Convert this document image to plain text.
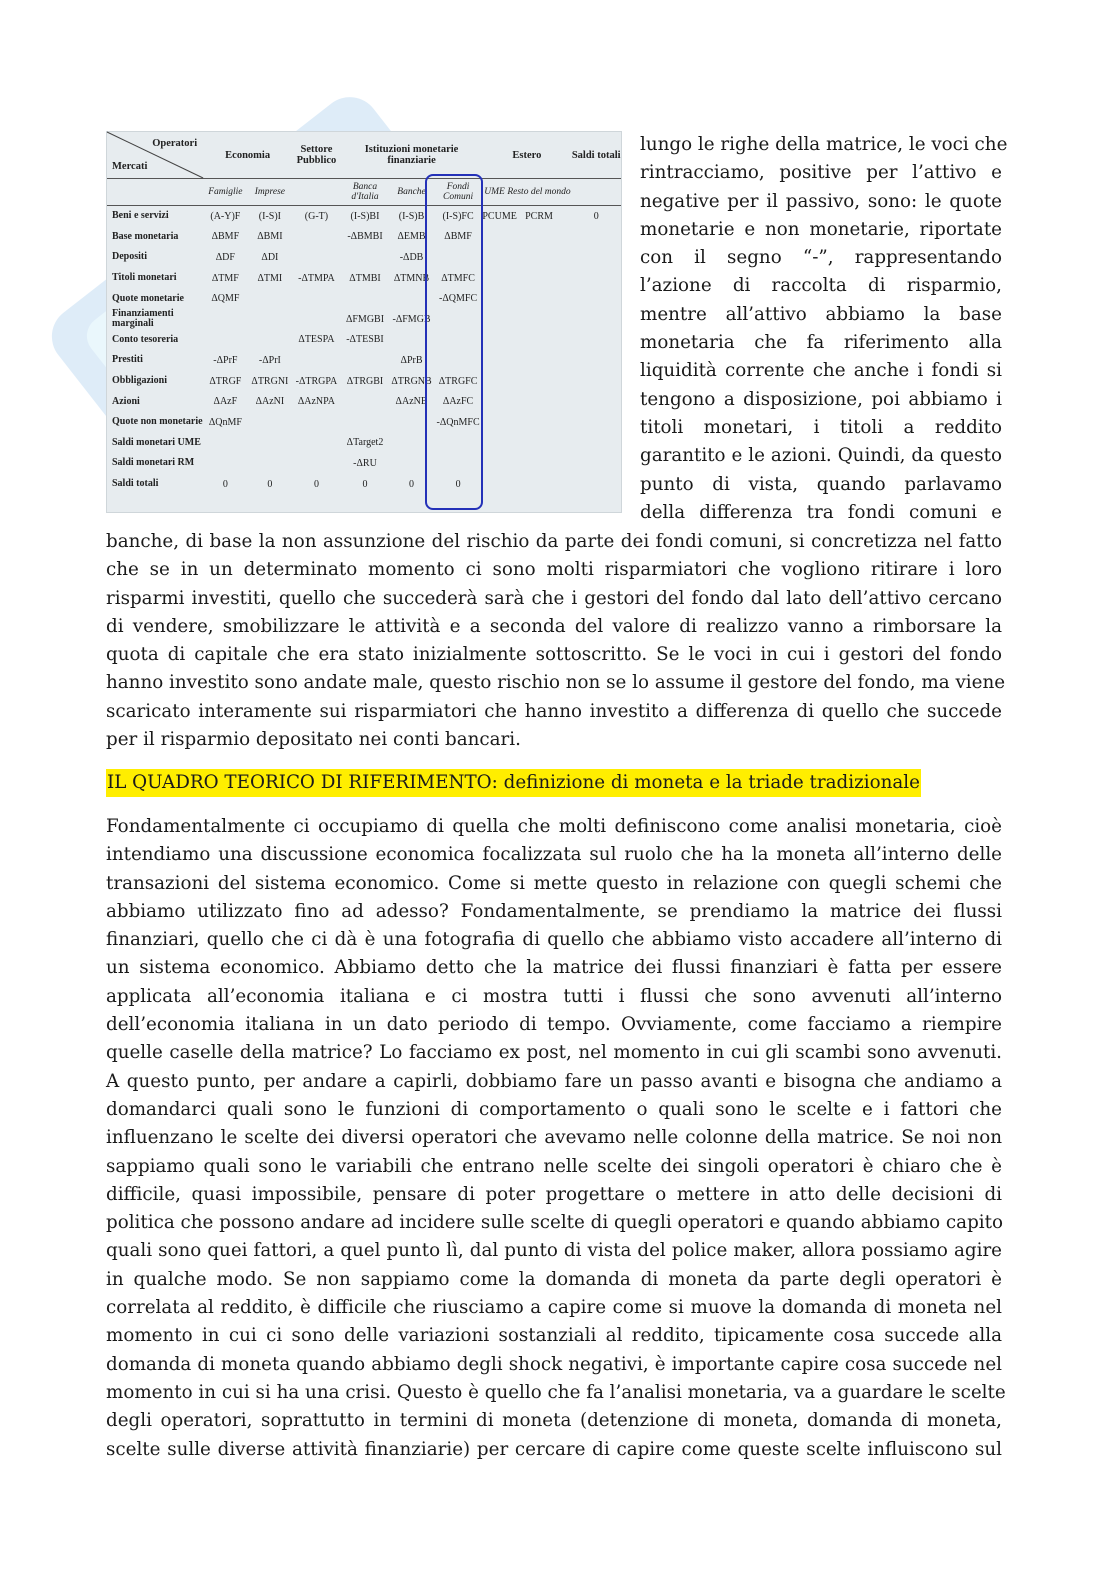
Operatori
Mercati	Economia		Settore Pubblico	Istituzioni monetarie finanziarie			Estero		Saldi totali
	Famiglie	Imprese		Banca d'Italia	Banche	Fondi Comuni	UME	Resto del mondo	
Beni e servizi	(A-Y)F	(I-S)I	(G-T)	(I-S)BI	(I-S)B	(I-S)FC	PCUME	PCRM	0
Base monetaria	ΔBMF	ΔBMI		-ΔBMBI	ΔEMB	ΔBMF			
Depositi	ΔDF	ΔDI			-ΔDB				
Titoli monetari	ΔTMF	ΔTMI	-ΔTMPA	ΔTMBI	ΔTMNB	ΔTMFC			
Quote monetarie	ΔQMF					-ΔQMFC			
Finanziamenti marginali				ΔFMGBI	-ΔFMGB				
Conto tesoreria			ΔTESPA	-ΔTESBI					
Prestiti	-ΔPrF	-ΔPrI			ΔPrB				
Obbligazioni	ΔTRGF	ΔTRGNI	-ΔTRGPA	ΔTRGBI	ΔTRGNB	ΔTRGFC			
Azioni	ΔAzF	ΔAzNI	ΔAzNPA		ΔAzNB	ΔAzFC			
Quote non monetarie	ΔQnMF					-ΔQnMFC			
Saldi monetari UME				ΔTarget2					
Saldi monetari RM				-ΔRU					
Saldi totali	0	0	0	0	0	0			
lungo le righe della matrice, le voci che
rintracciamo, positive per l’attivo e
negative per il passivo, sono: le quote
monetarie e non monetarie, riportate
con il segno “-”, rappresentando
l’azione di raccolta di risparmio,
mentre all’attivo abbiamo la base
monetaria che fa riferimento alla
liquidità corrente che anche i fondi si
tengono a disposizione, poi abbiamo i
titoli monetari, i titoli a reddito
garantito e le azioni. Quindi, da questo
punto di vista, quando parlavamo
della differenza tra fondi comuni e
banche, di base la non assunzione del rischio da parte dei fondi comuni, si concretizza nel fatto
che se in un determinato momento ci sono molti risparmiatori che vogliono ritirare i loro
risparmi investiti, quello che succederà sarà che i gestori del fondo dal lato dell’attivo cercano
di vendere, smobilizzare le attività e a seconda del valore di realizzo vanno a rimborsare la
quota di capitale che era stato inizialmente sottoscritto. Se le voci in cui i gestori del fondo
hanno investito sono andate male, questo rischio non se lo assume il gestore del fondo, ma viene
scaricato interamente sui risparmiatori che hanno investito a differenza di quello che succede
per il risparmio depositato nei conti bancari.
IL QUADRO TEORICO DI RIFERIMENTO: definizione di moneta e la triade tradizionale
Fondamentalmente ci occupiamo di quella che molti definiscono come analisi monetaria, cioè
intendiamo una discussione economica focalizzata sul ruolo che ha la moneta all’interno delle
transazioni del sistema economico. Come si mette questo in relazione con quegli schemi che
abbiamo utilizzato fino ad adesso? Fondamentalmente, se prendiamo la matrice dei flussi
finanziari, quello che ci dà è una fotografia di quello che abbiamo visto accadere all’interno di
un sistema economico. Abbiamo detto che la matrice dei flussi finanziari è fatta per essere
applicata all’economia italiana e ci mostra tutti i flussi che sono avvenuti all’interno
dell’economia italiana in un dato periodo di tempo. Ovviamente, come facciamo a riempire
quelle caselle della matrice? Lo facciamo ex post, nel momento in cui gli scambi sono avvenuti.
A questo punto, per andare a capirli, dobbiamo fare un passo avanti e bisogna che andiamo a
domandarci quali sono le funzioni di comportamento o quali sono le scelte e i fattori che
influenzano le scelte dei diversi operatori che avevamo nelle colonne della matrice. Se noi non
sappiamo quali sono le variabili che entrano nelle scelte dei singoli operatori è chiaro che è
difficile, quasi impossibile, pensare di poter progettare o mettere in atto delle decisioni di
politica che possono andare ad incidere sulle scelte di quegli operatori e quando abbiamo capito
quali sono quei fattori, a quel punto lì, dal punto di vista del police maker, allora possiamo agire
in qualche modo. Se non sappiamo come la domanda di moneta da parte degli operatori è
correlata al reddito, è difficile che riusciamo a capire come si muove la domanda di moneta nel
momento in cui ci sono delle variazioni sostanziali al reddito, tipicamente cosa succede alla
domanda di moneta quando abbiamo degli shock negativi, è importante capire cosa succede nel
momento in cui si ha una crisi. Questo è quello che fa l’analisi monetaria, va a guardare le scelte
degli operatori, soprattutto in termini di moneta (detenzione di moneta, domanda di moneta,
scelte sulle diverse attività finanziarie) per cercare di capire come queste scelte influiscono sul
